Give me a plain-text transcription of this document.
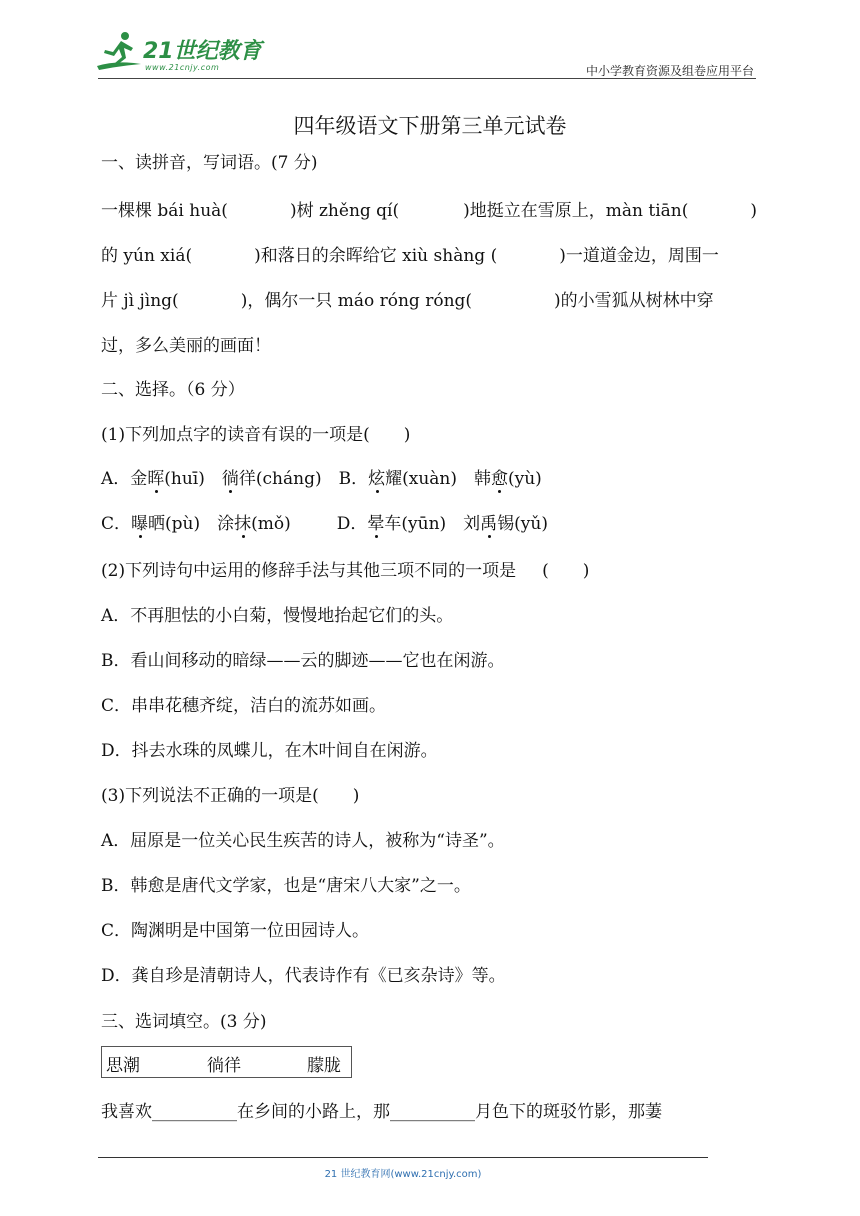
21世纪教育
www.21cnjy.com	中小学教育资源及组卷应用平台
四年级语文下册第三单元试卷
一、读拼音，写词语。(7 分)
一棵棵 bái huà(	)树 zhěng qí(	)地挺立在雪原上，màn tiān(	)
的 yún xiá(	)和落日的余晖给它 xiù shàng (	)一道道金边，周围一
片 jì jìng(	)，偶尔一只 máo róng róng(	)的小雪狐从树林中穿
过，多么美丽的画面！
二、选择。（6 分）
(1)下列加点字的读音有误的一项是(　　)
A．金晖(huī)　徜徉(cháng)　B．炫耀(xuàn)　韩愈(yù)
C．曝晒(pù)　涂抹(mǒ)	D．晕车(yūn)　刘禹锡(yǔ)
(2)下列诗句中运用的修辞手法与其他三项不同的一项是 (　　)
A．不再胆怯的小白菊，慢慢地抬起它们的头。
B．看山间移动的暗绿——云的脚迹——它也在闲游。
C．串串花穗齐绽，洁白的流苏如画。
D．抖去水珠的凤蝶儿，在木叶间自在闲游。
(3)下列说法不正确的一项是(　　)
A．屈原是一位关心民生疾苦的诗人，被称为“诗圣”。
B．韩愈是唐代文学家，也是“唐宋八大家”之一。
C．陶渊明是中国第一位田园诗人。
D．龚自珍是清朝诗人，代表诗作有《已亥杂诗》等。
三、选词填空。(3 分)
思潮	徜徉	朦胧
我喜欢__________在乡间的小路上，那__________月色下的斑驳竹影，那萋
21 世纪教育网(www.21cnjy.com)
